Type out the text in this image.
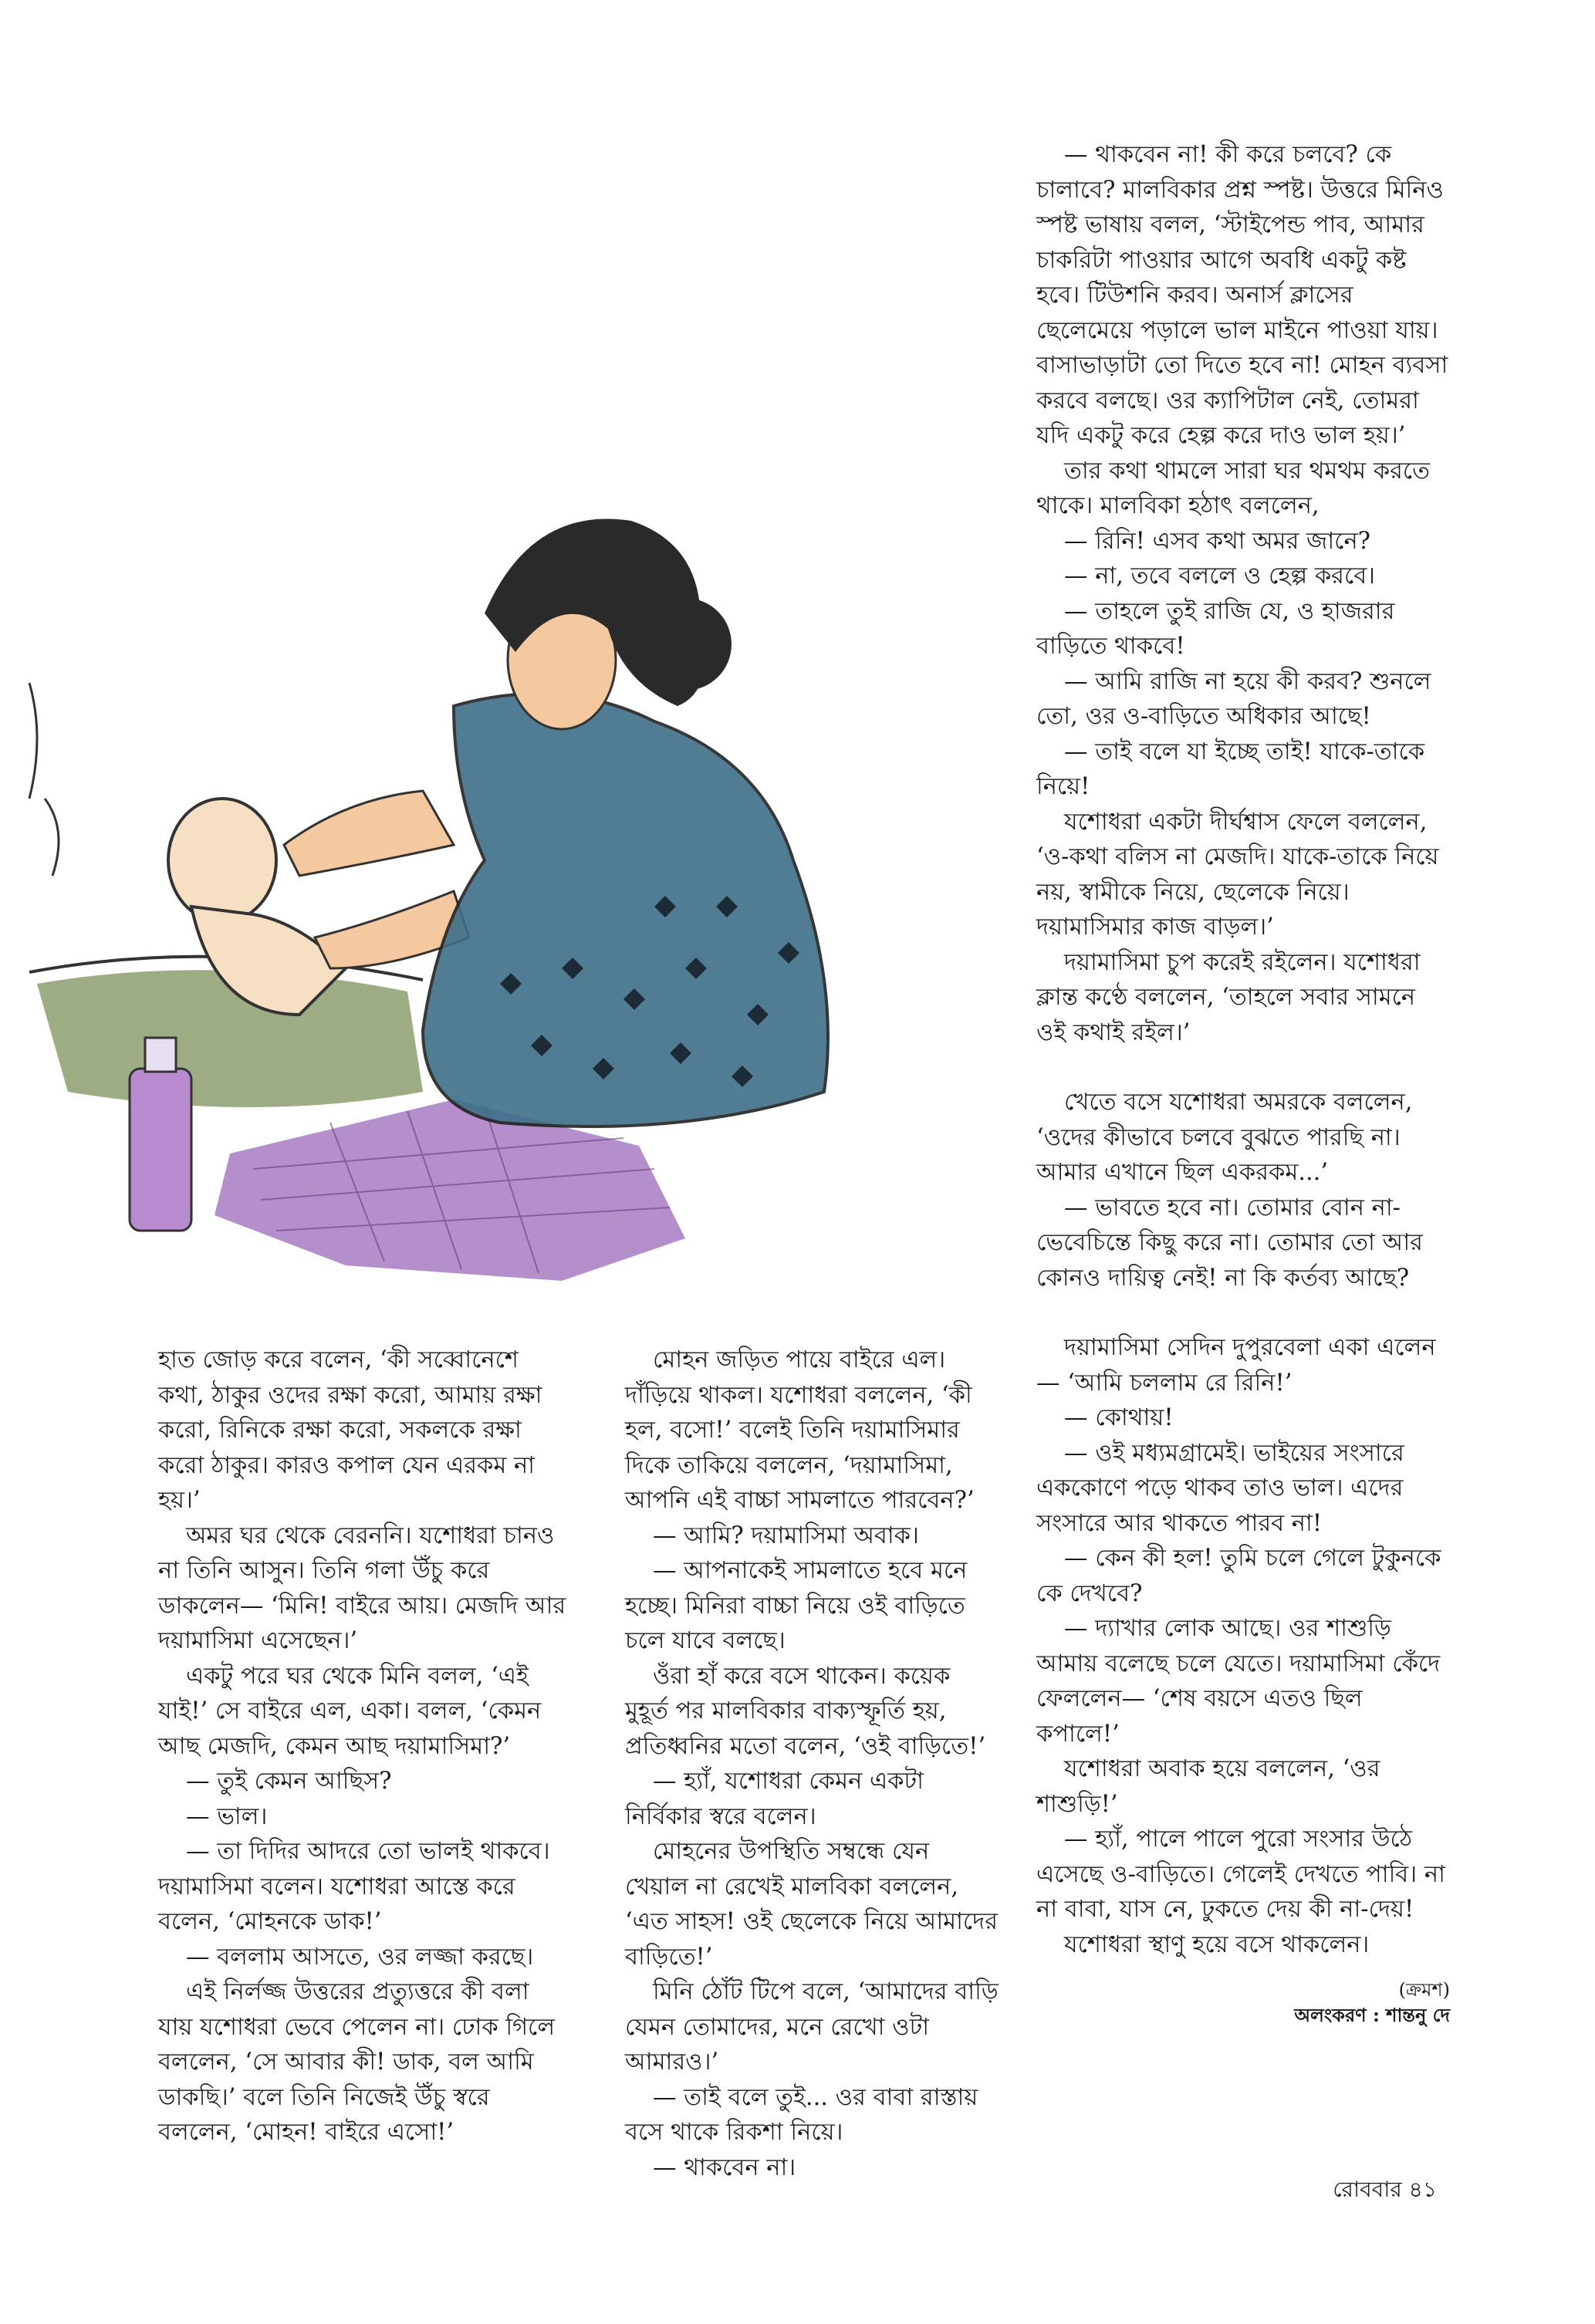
হাত জোড় করে বলেন, ‘কী সব্বোনেশে কথা, ঠাকুর ওদের রক্ষা করো, আমায় রক্ষা করো, রিনিকে রক্ষা করো, সকলকে রক্ষা করো ঠাকুর। কারও কপাল যেন এরকম না হয়।’

অমর ঘর থেকে বেরননি। যশোধরা চানও না তিনি আসুন। তিনি গলা উঁচু করে ডাকলেন— ‘মিনি! বাইরে আয়। মেজদি আর দয়ামাসিমা এসেছেন।’

একটু পরে ঘর থেকে মিনি বলল, ‘এই যাই!’ সে বাইরে এল, একা। বলল, ‘কেমন আছ মেজদি, কেমন আছ দয়ামাসিমা?’

— তুই কেমন আছিস?

— ভাল।

— তা দিদির আদরে তো ভালই থাকবে। দয়ামাসিমা বলেন। যশোধরা আস্তে করে বলেন, ‘মোহনকে ডাক!’

— বললাম আসতে, ওর লজ্জা করছে।

এই নির্লজ্জ উত্তরের প্রত্যুত্তরে কী বলা যায় যশোধরা ভেবে পেলেন না। ঢোক গিলে বললেন, ‘সে আবার কী! ডাক, বল আমি ডাকছি।’ বলে তিনি নিজেই উঁচু স্বরে বললেন, ‘মোহন! বাইরে এসো!’

মোহন জড়িত পায়ে বাইরে এল। দাঁড়িয়ে থাকল। যশোধরা বললেন, ‘কী হল, বসো!’ বলেই তিনি দয়ামাসিমার দিকে তাকিয়ে বললেন, ‘দয়ামাসিমা, আপনি এই বাচ্চা সামলাতে পারবেন?’

— আমি? দয়ামাসিমা অবাক।

— আপনাকেই সামলাতে হবে মনে হচ্ছে। মিনিরা বাচ্চা নিয়ে ওই বাড়িতে চলে যাবে বলছে।

ওঁরা হাঁ করে বসে থাকেন। কয়েক মুহূর্ত পর মালবিকার বাক্যস্ফূর্তি হয়, প্রতিধ্বনির মতো বলেন, ‘ওই বাড়িতে!’

— হ্যাঁ, যশোধরা কেমন একটা নির্বিকার স্বরে বলেন।

মোহনের উপস্থিতি সম্বন্ধে যেন খেয়াল না রেখেই মালবিকা বললেন, ‘এত সাহস! ওই ছেলেকে নিয়ে আমাদের বাড়িতে!’

মিনি ঠোঁট টিপে বলে, ‘আমাদের বাড়ি যেমন তোমাদের, মনে রেখো ওটা আমারও।’

— তাই বলে তুই... ওর বাবা রাস্তায় বসে থাকে রিকশা নিয়ে।

— থাকবেন না।

— থাকবেন না! কী করে চলবে? কে চালাবে? মালবিকার প্রশ্ন স্পষ্ট। উত্তরে মিনিও স্পষ্ট ভাষায় বলল, ‘স্টাইপেন্ড পাব, আমার চাকরিটা পাওয়ার আগে অবধি একটু কষ্ট হবে। টিউশনি করব। অনার্স ক্লাসের ছেলেমেয়ে পড়ালে ভাল মাইনে পাওয়া যায়। বাসাভাড়াটা তো দিতে হবে না! মোহন ব্যবসা করবে বলছে। ওর ক্যাপিটাল নেই, তোমরা যদি একটু করে হেল্প করে দাও ভাল হয়।’

তার কথা থামলে সারা ঘর থমথম করতে থাকে। মালবিকা হঠাৎ বললেন,

— রিনি! এসব কথা অমর জানে?

— না, তবে বললে ও হেল্প করবে।

— তাহলে তুই রাজি যে, ও হাজরার বাড়িতে থাকবে!

— আমি রাজি না হয়ে কী করব? শুনলে তো, ওর ও-বাড়িতে অধিকার আছে!

— তাই বলে যা ইচ্ছে তাই! যাকে-তাকে নিয়ে!

যশোধরা একটা দীর্ঘশ্বাস ফেলে বললেন, ‘ও-কথা বলিস না মেজদি। যাকে-তাকে নিয়ে নয়, স্বামীকে নিয়ে, ছেলেকে নিয়ে। দয়ামাসিমার কাজ বাড়ল।’

দয়ামাসিমা চুপ করেই রইলেন। যশোধরা ক্লান্ত কণ্ঠে বললেন, ‘তাহলে সবার সামনে ওই কথাই রইল।’

খেতে বসে যশোধরা অমরকে বললেন, ‘ওদের কীভাবে চলবে বুঝতে পারছি না। আমার এখানে ছিল একরকম...’

— ভাবতে হবে না। তোমার বোন না-ভেবেচিন্তে কিছু করে না। তোমার তো আর কোনও দায়িত্ব নেই! না কি কর্তব্য আছে?

দয়ামাসিমা সেদিন দুপুরবেলা একা এলেন— ‘আমি চললাম রে রিনি!’

— কোথায়!

— ওই মধ্যমগ্রামেই। ভাইয়ের সংসারে এককোণে পড়ে থাকব তাও ভাল। এদের সংসারে আর থাকতে পারব না!

— কেন কী হল! তুমি চলে গেলে টুকুনকে কে দেখবে?

— দ্যাখার লোক আছে। ওর শাশুড়ি আমায় বলেছে চলে যেতে। দয়ামাসিমা কেঁদে ফেললেন— ‘শেষ বয়সে এতও ছিল কপালে!’

যশোধরা অবাক হয়ে বললেন, ‘ওর শাশুড়ি!’

— হ্যাঁ, পালে পালে পুরো সংসার উঠে এসেছে ও-বাড়িতে। গেলেই দেখতে পাবি। না না বাবা, যাস নে, ঢুকতে দেয় কী না-দেয়!

যশোধরা স্থাণু হয়ে বসে থাকলেন।

(ক্রমশ)
অলংকরণ : শান্তনু দে
রোববার ৪১
